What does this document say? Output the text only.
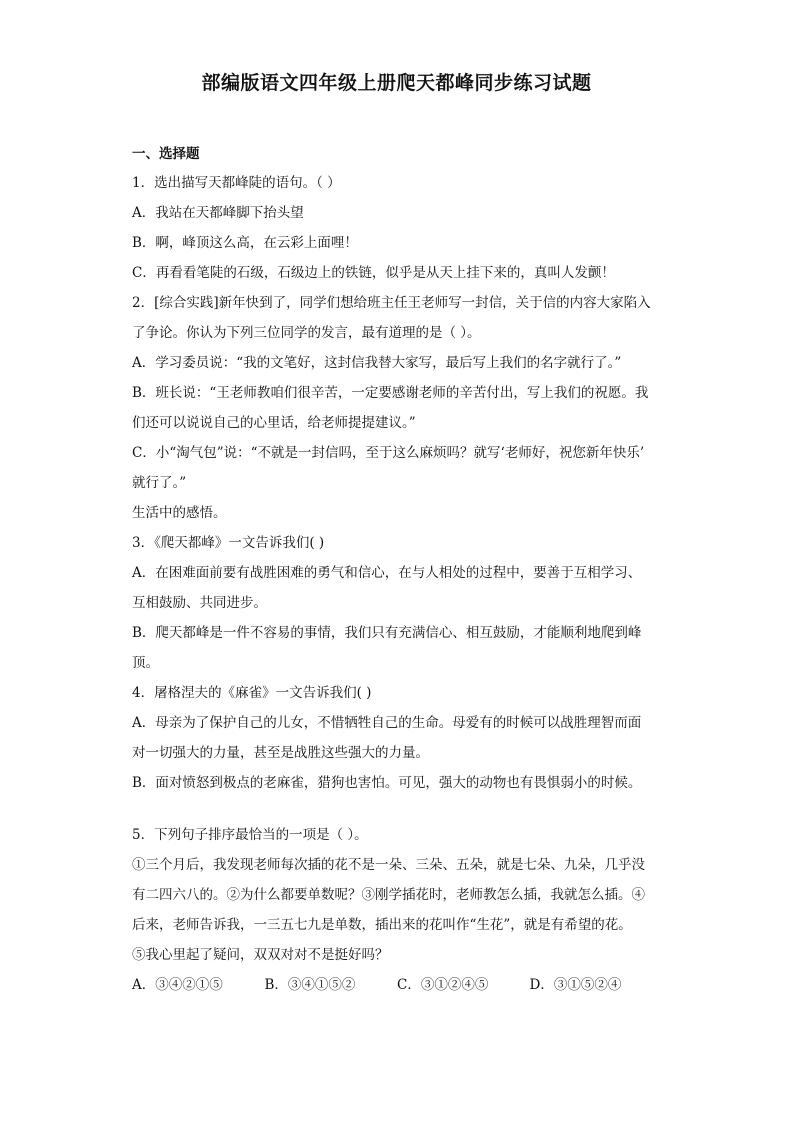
部编版语文四年级上册爬天都峰同步练习试题

一、选择题

1．选出描写天都峰陡的语句。（ ）

A．我站在天都峰脚下抬头望

B．啊，峰顶这么高，在云彩上面哩！

C．再看看笔陡的石级，石级边上的铁链，似乎是从天上挂下来的，真叫人发颤！

2．[综合实践]新年快到了，同学们想给班主任王老师写一封信，关于信的内容大家陷入

了争论。你认为下列三位同学的发言，最有道理的是（ ）。

A．学习委员说：“我的文笔好，这封信我替大家写，最后写上我们的名字就行了。”

B．班长说：“王老师教咱们很辛苦，一定要感谢老师的辛苦付出，写上我们的祝愿。我

们还可以说说自己的心里话，给老师提提建议。”

C．小“淘气包”说：“不就是一封信吗，至于这么麻烦吗？就写‘老师好，祝您新年快乐’

就行了。”

生活中的感悟。

3．《爬天都峰》一文告诉我们( )

A．在困难面前要有战胜困难的勇气和信心，在与人相处的过程中，要善于互相学习、

互相鼓励、共同进步。

B．爬天都峰是一件不容易的事情，我们只有充满信心、相互鼓励，才能顺利地爬到峰

顶。

4．屠格涅夫的《麻雀》一文告诉我们( )

A．母亲为了保护自己的儿女，不惜牺牲自己的生命。母爱有的时候可以战胜理智而面

对一切强大的力量，甚至是战胜这些强大的力量。

B．面对愤怒到极点的老麻雀，猎狗也害怕。可见，强大的动物也有畏惧弱小的时候。

5．下列句子排序最恰当的一项是（ ）。

①三个月后，我发现老师每次插的花不是一朵、三朵、五朵，就是七朵、九朵，几乎没

有二四六八的。②为什么都要单数呢？③刚学插花时，老师教怎么插，我就怎么插。④

后来，老师告诉我，一三五七九是单数，插出来的花叫作“生花”，就是有希望的花。

⑤我心里起了疑问，双双对对不是挺好吗？

A．③④②①⑤	B．③④①⑤②	C．③①②④⑤	D．③①⑤②④
